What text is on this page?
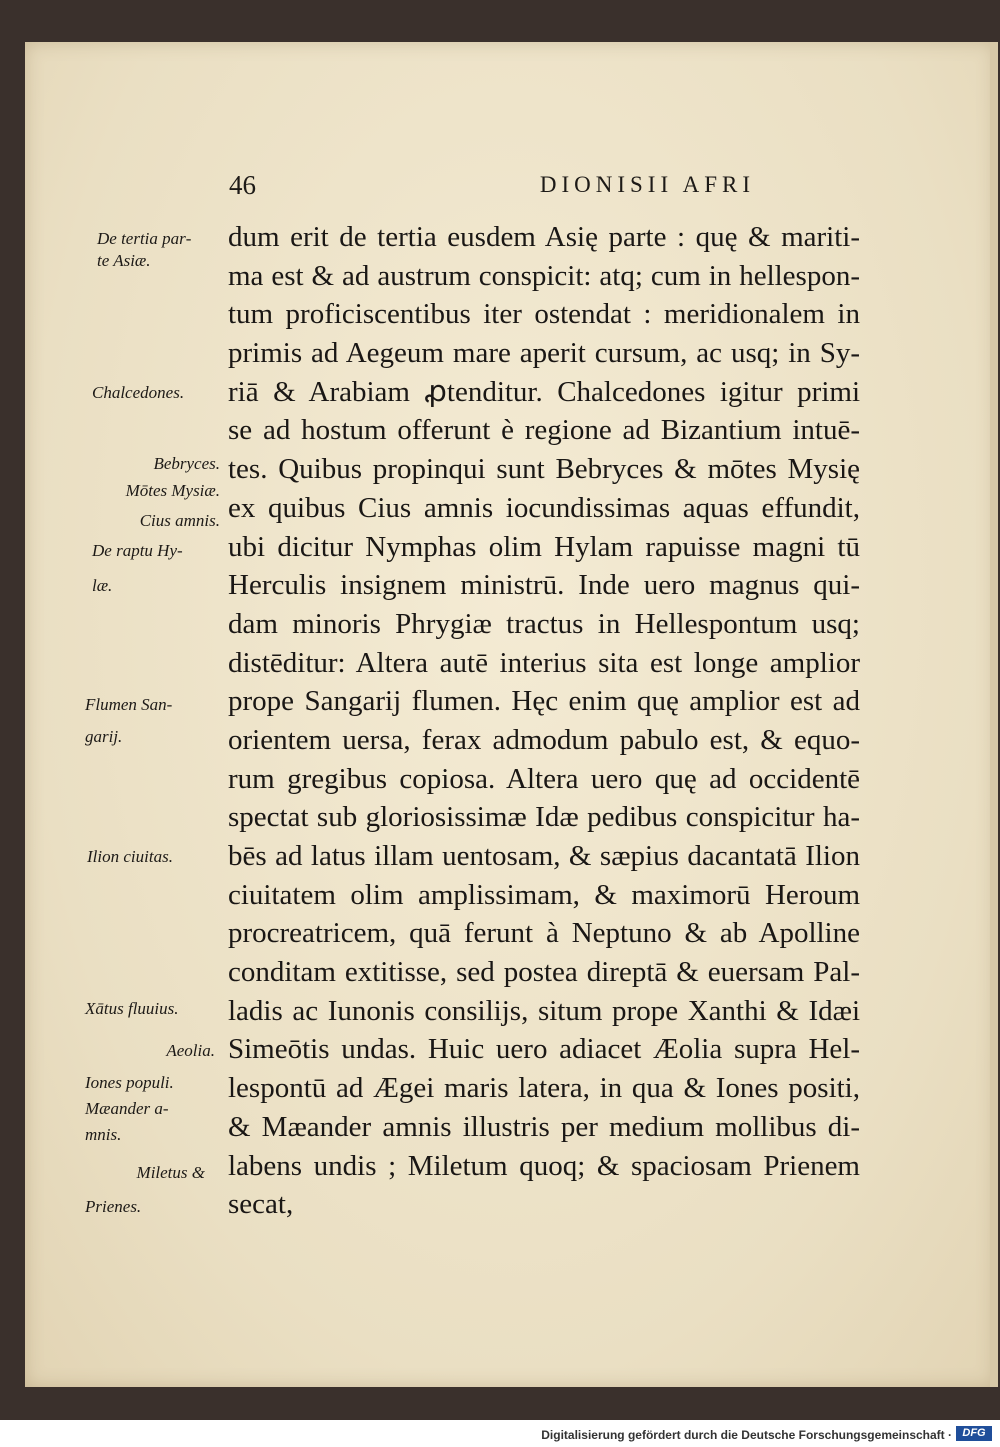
46	DIONISII AFRI
dum erit de tertia eusdem Asię parte : quę & mariti‑
ma est & ad austrum conspicit: atq; cum in hellespon‑
tum proficiscentibus iter ostendat : meridionalem in
primis ad Aegeum mare aperit cursum, ac usq; in Sy‑
riā & Arabiam ꝓtenditur. Chalcedones igitur primi
se ad hostum offerunt è regione ad Bizantium intuē‑
tes. Quibus propinqui sunt Bebryces & mōtes Mysię
ex quibus Cius amnis iocundissimas aquas effundit,
ubi dicitur Nymphas olim Hylam rapuisse magni tū
Herculis insignem ministrū. Inde uero magnus qui‑
dam minoris Phrygiæ tractus in Hellespontum usq;
distēditur: Altera autē interius sita est longe amplior
prope Sangarij flumen. Hęc enim quę amplior est ad
orientem uersa, ferax admodum pabulo est, & equo‑
rum gregibus copiosa. Altera uero quę ad occidentē
spectat sub gloriosissimæ Idæ pedibus conspicitur ha‑
bēs ad latus illam uentosam, & sæpius dacantatā Ilion
ciuitatem olim amplissimam, & maximorū Heroum
procreatricem, quā ferunt à Neptuno & ab Apolline
conditam extitisse, sed postea direptā & euersam Pal‑
ladis ac Iunonis consilijs, situm prope Xanthi & Idæi
Simeōtis undas. Huic uero adiacet Æolia supra Hel‑
lespontū ad Ægei maris latera, in qua & Iones positi,
& Mæander amnis illustris per medium mollibus di‑
labens undis ; Miletum quoq; & spaciosam Prienem
secat,
De tertia par‑
te Asiæ.
Chalcedones.
Bebryces.
Mōtes Mysiæ.
Cius amnis.
De raptu Hy‑
læ.
Flumen San‑
garij.
Ilion ciuitas.
Xātus fluuius.
Aeolia.
Iones populi.
Mæander a‑
mnis.
Miletus &
Prienes.
Digitalisierung gefördert durch die Deutsche Forschungsgemeinschaft · DFG
